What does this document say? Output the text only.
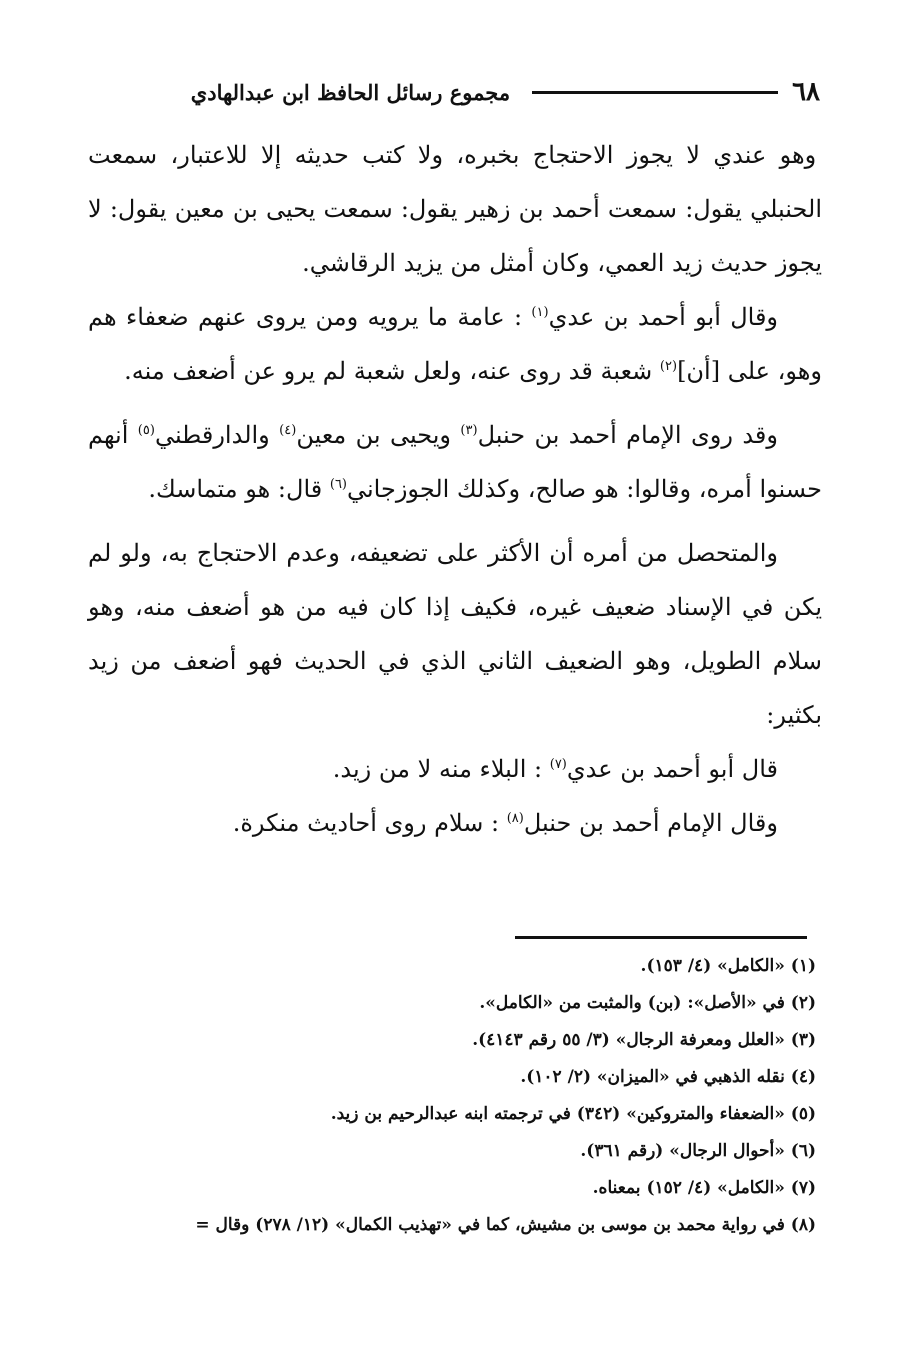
٦٨
مجموع رسائل الحافظ ابن عبدالهادي

وهو عندي لا يجوز الاحتجاج بخبره، ولا كتب حديثه إلا للاعتبار، سمعت الحنبلي يقول: سمعت أحمد بن زهير يقول: سمعت يحيى بن معين يقول: لا يجوز حديث زيد العمي، وكان أمثل من يزيد الرقاشي.

وقال أبو أحمد بن عدي$^{(١)}$ : عامة ما يرويه ومن يروى عنهم ضعفاء هم وهو، على [أن]$^{(٢)}$ شعبة قد روى عنه، ولعل شعبة لم يرو عن أضعف منه.

وقد روى الإمام أحمد بن حنبل$^{(٣)}$ ويحيى بن معين$^{(٤)}$ والدارقطني$^{(٥)}$ أنهم حسنوا أمره، وقالوا: هو صالح، وكذلك الجوزجاني$^{(٦)}$ قال: هو متماسك.

والمتحصل من أمره أن الأكثر على تضعيفه، وعدم الاحتجاج به، ولو لم يكن في الإسناد ضعيف غيره، فكيف إذا كان فيه من هو أضعف منه، وهو سلام الطويل، وهو الضعيف الثاني الذي في الحديث فهو أضعف من زيد بكثير:

قال أبو أحمد بن عدي$^{(٧)}$ : البلاء منه لا من زيد.

وقال الإمام أحمد بن حنبل$^{(٨)}$ : سلام روى أحاديث منكرة.

(١) «الكامل» (٤/ ١٥٣).
(٢) في «الأصل»: (بن) والمثبت من «الكامل».
(٣) «العلل ومعرفة الرجال» (٣/ ٥٥ رقم ٤١٤٣).
(٤) نقله الذهبي في «الميزان» (٢/ ١٠٢).
(٥) «الضعفاء والمتروكين» (٣٤٢) في ترجمته ابنه عبدالرحيم بن زيد.
(٦) «أحوال الرجال» (رقم ٣٦١).
(٧) «الكامل» (٤/ ١٥٢) بمعناه.
(٨) في رواية محمد بن موسى بن مشيش، كما في «تهذيب الكمال» (١٢/ ٢٧٨) وقال =
